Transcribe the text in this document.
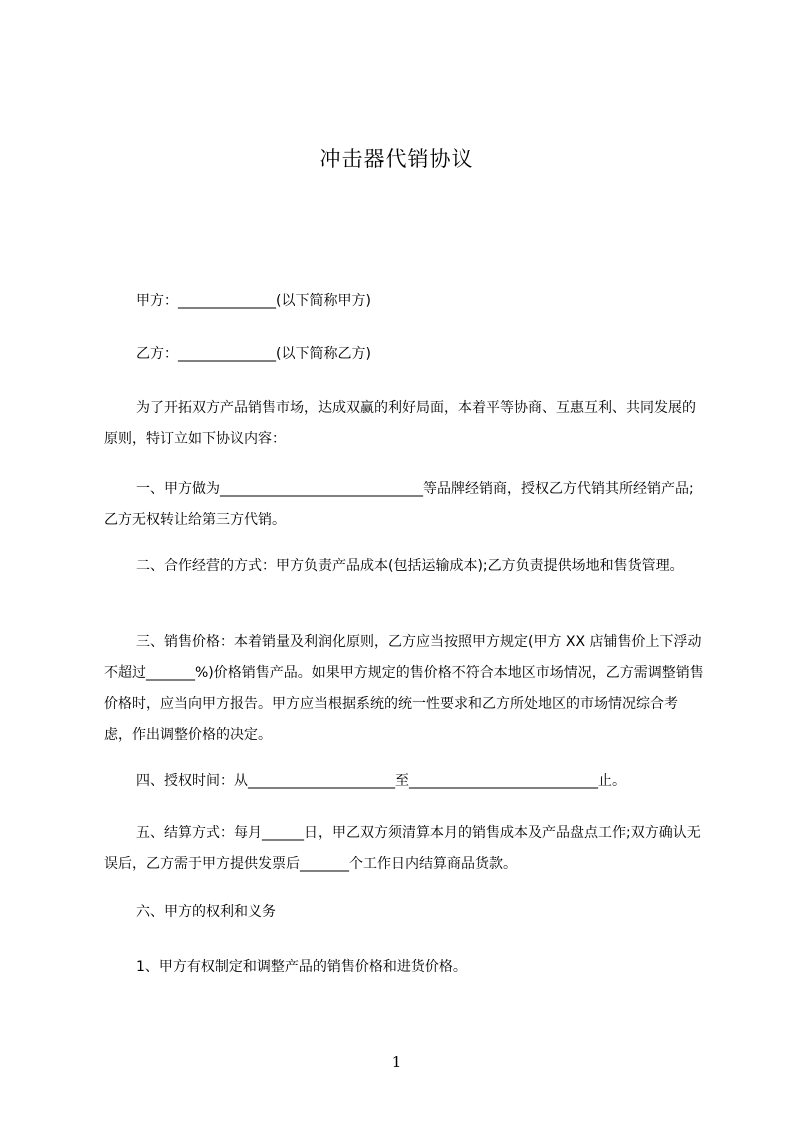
冲击器代销协议
甲方：______________(以下简称甲方)
乙方：______________(以下简称乙方)
为了开拓双方产品销售市场，达成双赢的利好局面，本着平等协商、互惠互利、共同发展的原则，特订立如下协议内容：
一、甲方做为_____________________________等品牌经销商，授权乙方代销其所经销产品;乙方无权转让给第三方代销。
二、合作经营的方式：甲方负责产品成本(包括运输成本);乙方负责提供场地和售货管理。
三、销售价格：本着销量及利润化原则，乙方应当按照甲方规定(甲方 XX 店铺售价上下浮动不超过_______%)价格销售产品。如果甲方规定的售价格不符合本地区市场情况，乙方需调整销售价格时，应当向甲方报告。甲方应当根据系统的统一性要求和乙方所处地区的市场情况综合考虑，作出调整价格的决定。
四、授权时间：从_____________________至___________________________止。
五、结算方式：每月______日，甲乙双方须清算本月的销售成本及产品盘点工作;双方确认无误后，乙方需于甲方提供发票后_______个工作日内结算商品货款。
六、甲方的权利和义务
1、甲方有权制定和调整产品的销售价格和进货价格。
1
